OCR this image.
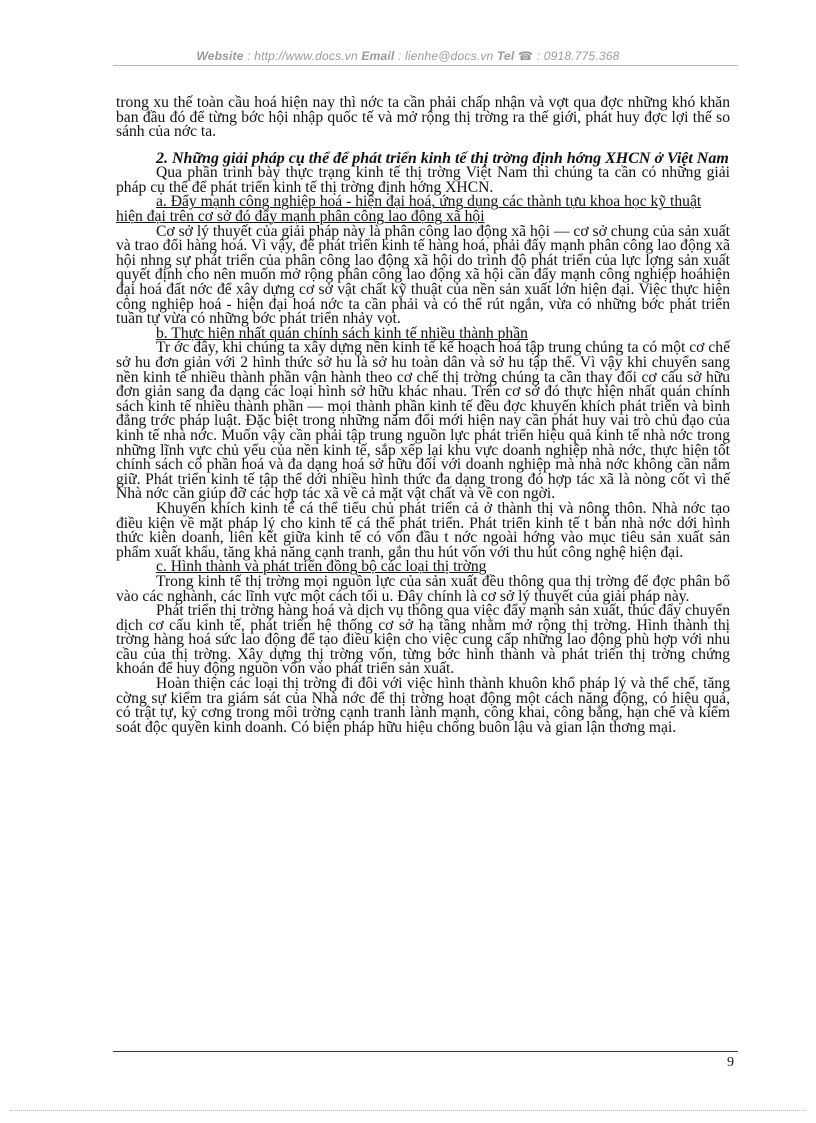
Website : http://www.docs.vn Email : lienhe@docs.vn Tel ☎ : 0918.775.368

trong xu thế toàn cầu hoá hiện nay thì nớc ta cần phải chấp nhận và vợt qua đợc những khó khăn ban đầu đó để từng bớc hội nhập quốc tế và mở rộng thị trờng ra thế giới, phát huy đợc lợi thế so sánh của nớc ta.

2. Những giải pháp cụ thể để phát triển kinh tế thị trờng định hớng XHCN ở Việt Nam

Qua phần trình bày thực trạng kinh tế thị trờng Việt Nam thì chúng ta cần có những giải pháp cụ thể để phát triển kinh tế thị trờng định hớng XHCN.

a. Đẩy mạnh công nghiệp hoá - hiện đại hoá, ứng dụng các thành tựu khoa học kỹ thuật hiện đại trên cơ sở đó đẩy mạnh phân công lao động xã hội

Cơ sở lý thuyết của giải pháp này là phân công lao động xã hội — cơ sở chung của sản xuất và trao đổi hàng hoá. Vì vậy, để phát triển kinh tế hàng hoá, phải đẩy mạnh phân công lao động xã hội nhng sự phát triển của phân công lao động xã hội do trình độ phát triển của lực lợng sản xuất quyết định cho nên muốn mở rộng phân công lao động xã hội cần đẩy mạnh công nghiệp hoáhiện đại hoá đất nớc để xây dựng cơ sở vật chất kỹ thuật của nền sản xuất lớn hiện đại. Việc thực hiện công nghiệp hoá - hiện đại hoá nớc ta cần phải và có thể rút ngắn, vừa có những bớc phát triển tuần tự vừa có những bớc phát triển nhảy vọt.

b. Thực hiện nhất quán chính sách kinh tế nhiều thành phần

Tr ớc đây, khi chúng ta xây dựng nền kinh tế kế hoạch hoá tập trung chúng ta có một cơ chế sở hu đơn giản với 2 hình thức sở hu là sở hu toàn dân và sở hu tập thể. Vì vậy khi chuyển sang nền kinh tế nhiều thành phần vận hành theo cơ chế thị trờng chúng ta cần thay đổi cơ cấu sở hữu đơn giản sang đa dạng các loại hình sở hữu khác nhau. Trên cơ sở đó thực hiện nhất quán chính sách kinh tế nhiều thành phần — mọi thành phần kinh tế đều đợc khuyến khích phát triển và bình đẳng trớc pháp luật. Đặc biệt trong những năm đổi mới hiện nay cần phát huy vai trò chủ đạo của kinh tế nhà nớc. Muốn vậy cần phải tập trung nguồn lực phát triển hiệu quả kinh tế nhà nớc trong những lĩnh vực chủ yếu của nền kinh tế, sắp xếp lại khu vực doanh nghiệp nhà nớc, thực hiện tốt chính sách cổ phần hoá và đa dạng hoá sở hữu đối với doanh nghiệp mà nhà nớc không cần nắm giữ. Phát triển kinh tế tập thể dới nhiều hình thức đa dạng trong đó hợp tác xã là nòng cốt vì thế Nhà nớc cần giúp đỡ các hợp tác xã về cả mặt vật chất và về con ngời.

Khuyến khích kinh tế cá thể tiểu chủ phát triển cả ở thành thị và nông thôn. Nhà nớc tạo điều kiện về mặt pháp lý cho kinh tế cá thể phát triển. Phát triển kinh tế t bản nhà nớc dới hình thức kiên doanh, liên kết giữa kinh tế có vốn đầu t nớc ngoài hớng vào mục tiêu sản xuất sản phẩm xuất khẩu, tăng khả năng cạnh tranh, gắn thu hút vốn với thu hút công nghệ hiện đại.

c. Hình thành và phát triển đồng bộ các loại thị trờng

Trong kinh tế thị trờng mọi nguồn lực của sản xuất đều thông qua thị trờng để đợc phân bổ vào các nghành, các lĩnh vực một cách tối u. Đây chính là cơ sở lý thuyết của giải pháp này.

Phát triển thị trờng hàng hoá và dịch vụ thông qua việc đẩy mạnh sản xuất, thúc đẩy chuyển dịch cơ cấu kinh tế, phát triển hệ thống cơ sở hạ tầng nhằm mở rộng thị trờng. Hình thành thị trờng hàng hoá sức lao động để tạo điều kiện cho việc cung cấp những lao động phù hợp với nhu cầu của thị trờng. Xây dựng thị trờng vốn, từng bớc hình thành và phát triển thị trờng chứng khoán để huy động nguồn vốn vào phát triển sản xuất.

Hoàn thiện các loại thị trờng đi đôi với việc hình thành khuôn khổ pháp lý và thể chế, tăng cờng sự kiểm tra giám sát của Nhà nớc để thị trờng hoạt động một cách năng động, có hiệu quả, có trật tự, kỷ cơng trong môi trờng cạnh tranh lành mạnh, công khai, công bằng, hạn chế và kiểm soát độc quyền kinh doanh. Có biện pháp hữu hiệu chống buôn lậu và gian lận thơng mại.

9
